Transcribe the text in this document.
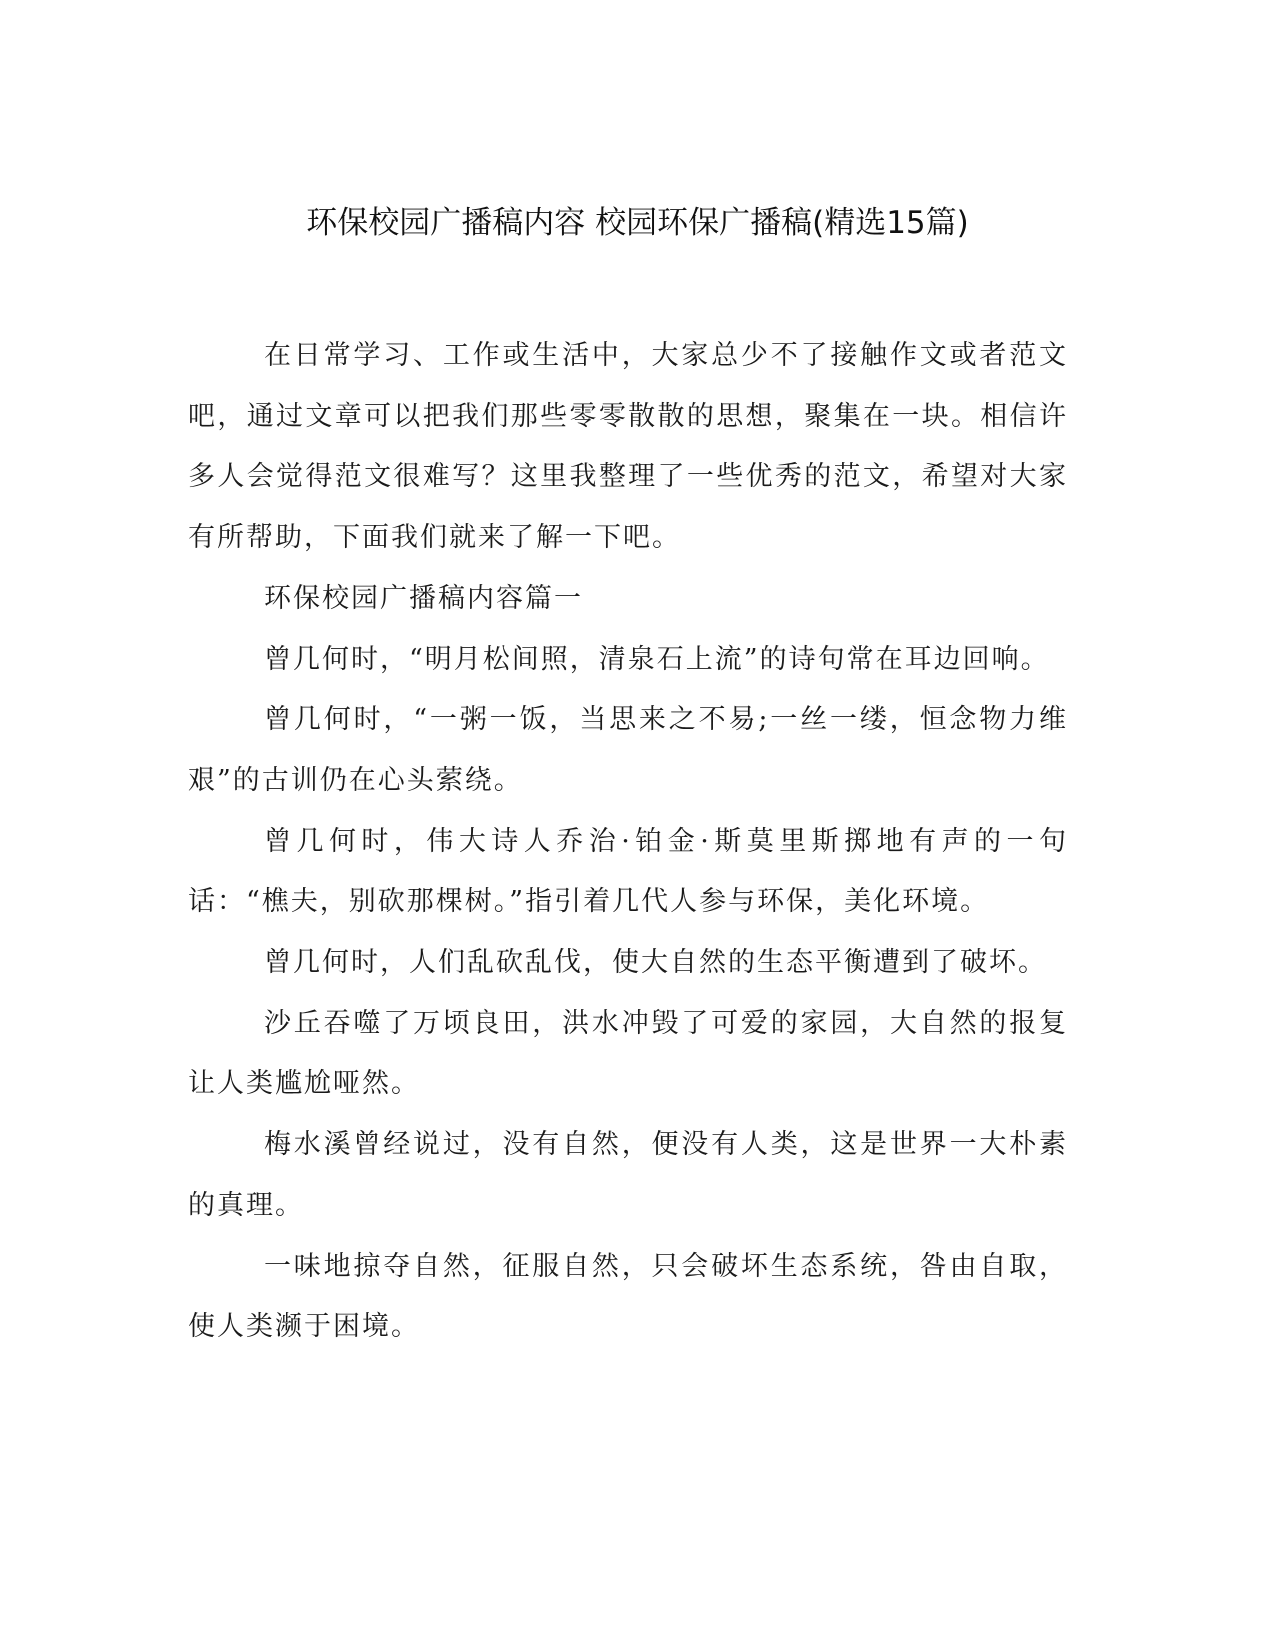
环保校园广播稿内容 校园环保广播稿(精选15篇)

在日常学习、工作或生活中，大家总少不了接触作文或者范文吧，通过文章可以把我们那些零零散散的思想，聚集在一块。相信许多人会觉得范文很难写？这里我整理了一些优秀的范文，希望对大家有所帮助，下面我们就来了解一下吧。

环保校园广播稿内容篇一

曾几何时，“明月松间照，清泉石上流”的诗句常在耳边回响。

曾几何时，“一粥一饭，当思来之不易;一丝一缕，恒念物力维艰”的古训仍在心头萦绕。

曾几何时，伟大诗人乔治·铂金·斯莫里斯掷地有声的一句话：“樵夫，别砍那棵树。”指引着几代人参与环保，美化环境。

曾几何时，人们乱砍乱伐，使大自然的生态平衡遭到了破坏。

沙丘吞噬了万顷良田，洪水冲毁了可爱的家园，大自然的报复让人类尴尬哑然。

梅水溪曾经说过，没有自然，便没有人类，这是世界一大朴素的真理。

一味地掠夺自然，征服自然，只会破坏生态系统，咎由自取，使人类濒于困境。
